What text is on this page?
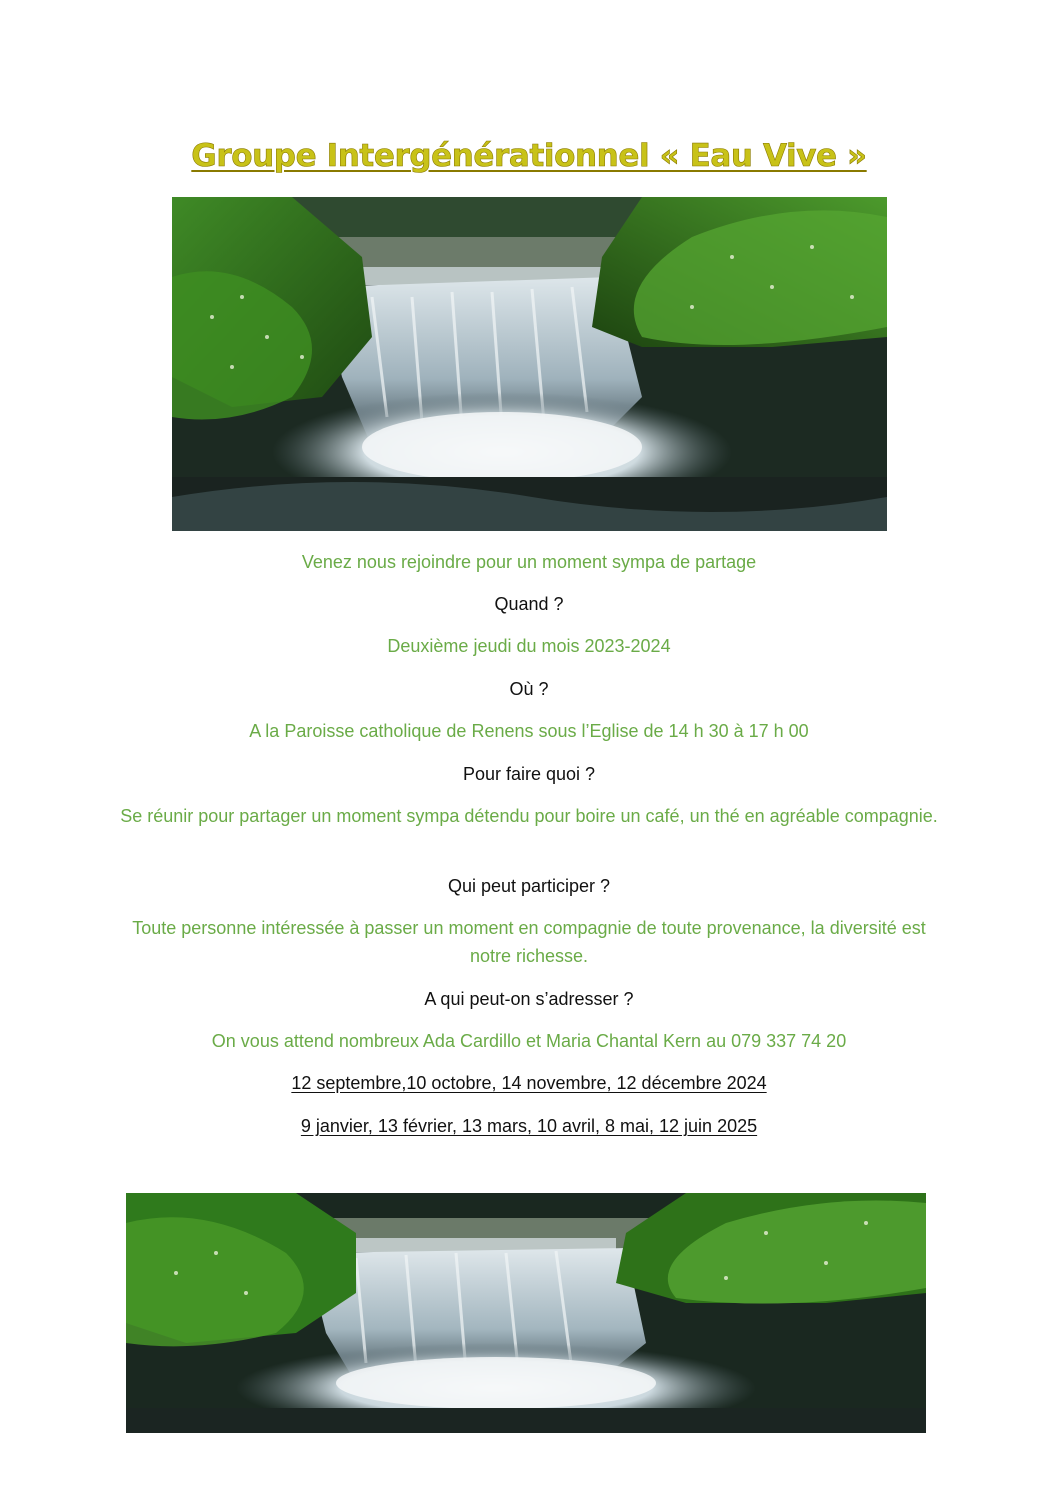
Groupe Intergénérationnel « Eau Vive »
Venez nous rejoindre pour un moment sympa de partage
Quand ?
Deuxième jeudi du mois 2023-2024
Où ?
A la Paroisse catholique de Renens sous l’Eglise de 14 h 30 à 17 h 00
Pour faire quoi ?
Se réunir pour partager un moment sympa détendu pour boire un café, un thé en agréable compagnie.
Qui peut participer ?
Toute personne intéressée à passer un moment en compagnie de toute provenance, la diversité est notre richesse.
A qui peut-on s’adresser ?
On vous attend nombreux Ada Cardillo et Maria Chantal Kern au 079 337 74 20
12 septembre,10 octobre, 14 novembre, 12 décembre 2024
9 janvier, 13 février, 13 mars, 10 avril, 8 mai, 12 juin 2025
